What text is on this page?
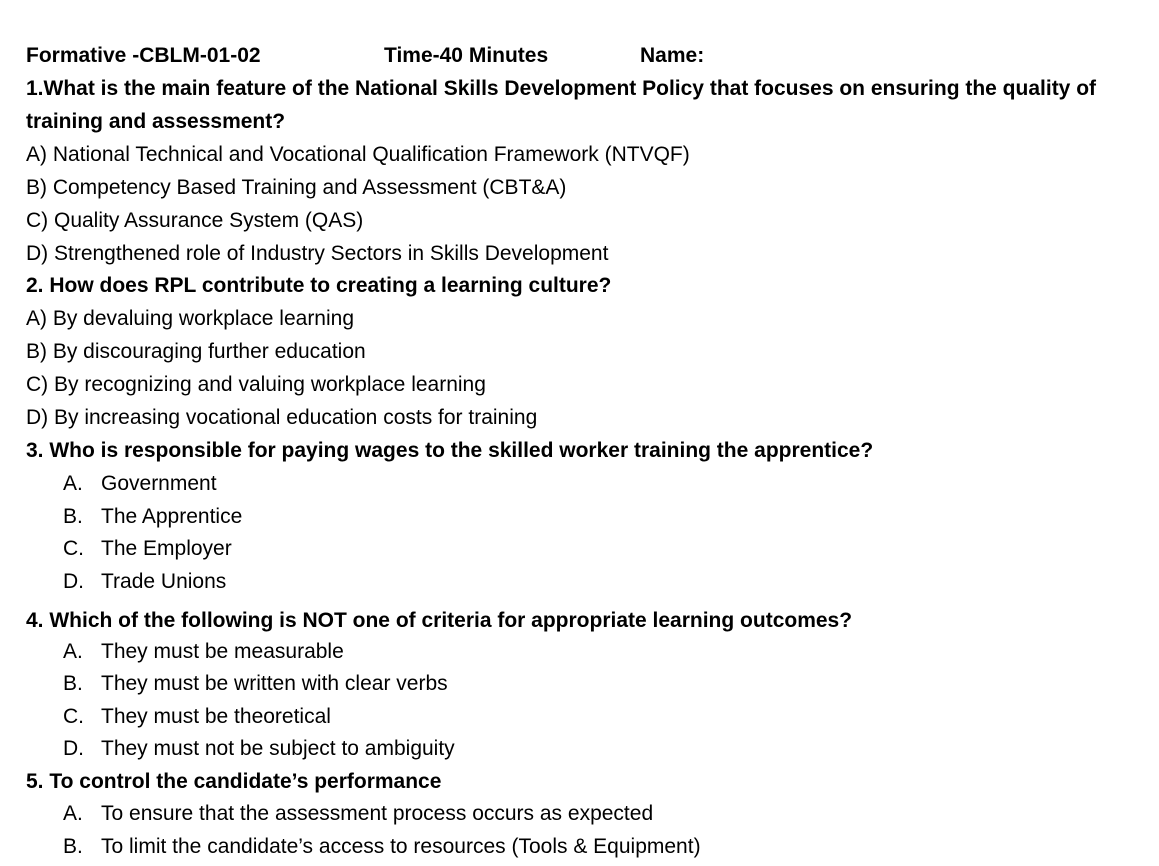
Formative -CBLM-01-02	Time-40 Minutes	Name:
1.What is the main feature of the National Skills Development Policy that focuses on ensuring the quality of
training and assessment?
A) National Technical and Vocational Qualification Framework (NTVQF)
B) Competency Based Training and Assessment (CBT&A)
C) Quality Assurance System (QAS)
D) Strengthened role of Industry Sectors in Skills Development
2. How does RPL contribute to creating a learning culture?
A) By devaluing workplace learning
B) By discouraging further education
C) By recognizing and valuing workplace learning
D) By increasing vocational education costs for training
3. Who is responsible for paying wages to the skilled worker training the apprentice?
A. Government
B. The Apprentice
C. The Employer
D. Trade Unions
4. Which of the following is NOT one of criteria for appropriate learning outcomes?
A. They must be measurable
B. They must be written with clear verbs
C. They must be theoretical
D. They must not be subject to ambiguity
5. To control the candidate’s performance
A. To ensure that the assessment process occurs as expected
B. To limit the candidate’s access to resources (Tools & Equipment)
